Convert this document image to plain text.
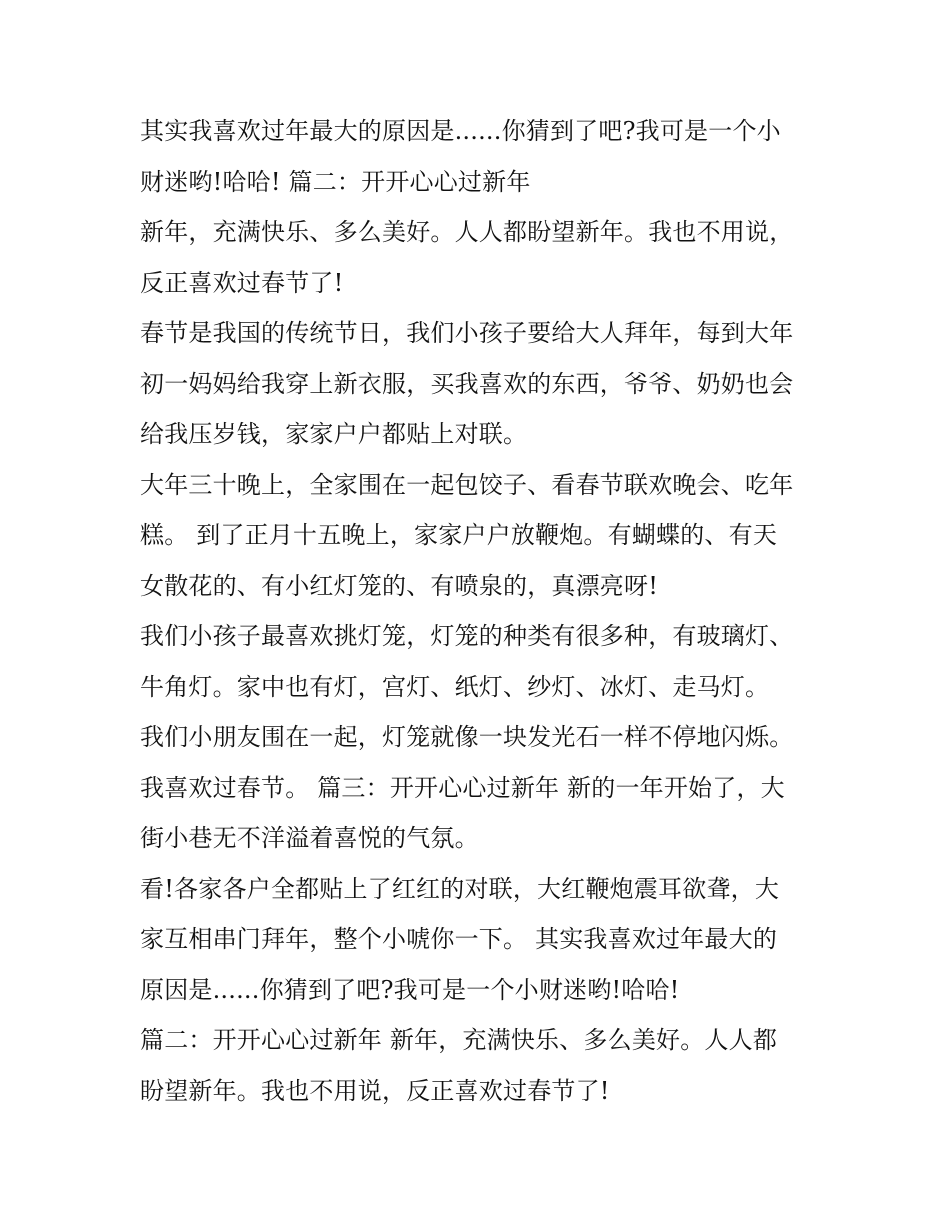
其实我喜欢过年最大的原因是......你猜到了吧?我可是一个小
财迷哟!哈哈! 篇二：开开心心过新年
新年，充满快乐、多么美好。人人都盼望新年。我也不用说，
反正喜欢过春节了!
春节是我国的传统节日，我们小孩子要给大人拜年，每到大年
初一妈妈给我穿上新衣服，买我喜欢的东西，爷爷、奶奶也会
给我压岁钱，家家户户都贴上对联。
大年三十晚上，全家围在一起包饺子、看春节联欢晚会、吃年
糕。 到了正月十五晚上，家家户户放鞭炮。有蝴蝶的、有天
女散花的、有小红灯笼的、有喷泉的，真漂亮呀!
我们小孩子最喜欢挑灯笼，灯笼的种类有很多种，有玻璃灯、
牛角灯。家中也有灯，宫灯、纸灯、纱灯、冰灯、走马灯。
我们小朋友围在一起，灯笼就像一块发光石一样不停地闪烁。
我喜欢过春节。 篇三：开开心心过新年 新的一年开始了，大
街小巷无不洋溢着喜悦的气氛。
看!各家各户全都贴上了红红的对联，大红鞭炮震耳欲聋，大
家互相串门拜年，整个小唬你一下。 其实我喜欢过年最大的
原因是......你猜到了吧?我可是一个小财迷哟!哈哈!
篇二：开开心心过新年 新年，充满快乐、多么美好。人人都
盼望新年。我也不用说，反正喜欢过春节了!
